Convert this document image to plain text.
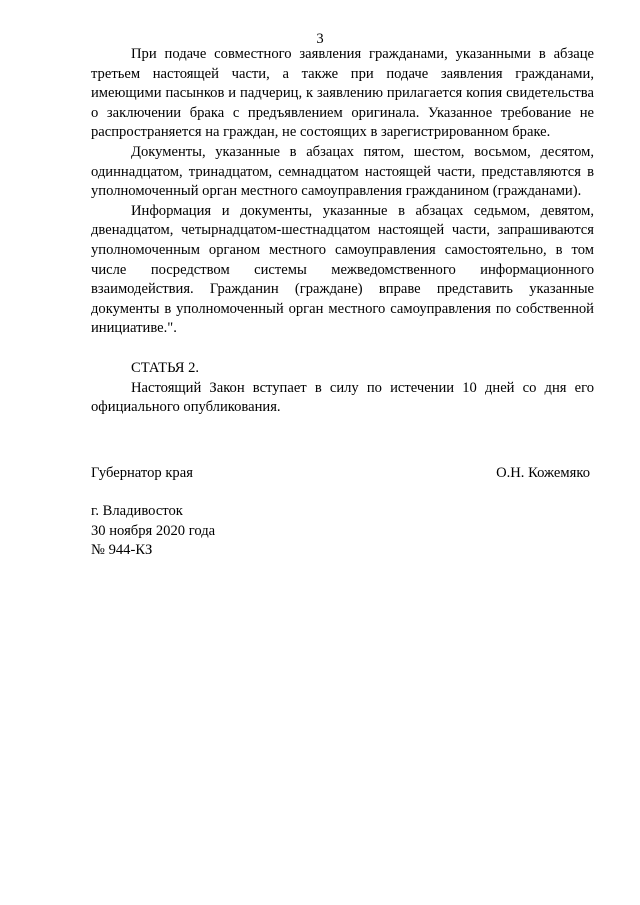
3

При подаче совместного заявления гражданами, указанными в абзаце третьем настоящей части, а также при подаче заявления гражданами, имеющими пасынков и падчериц, к заявлению прилагается копия свидетельства о заключении брака с предъявлением оригинала. Указанное требование не распространяется на граждан, не состоящих в зарегистрированном браке.

Документы, указанные в абзацах пятом, шестом, восьмом, десятом, одиннадцатом, тринадцатом, семнадцатом настоящей части, представляются в уполномоченный орган местного самоуправления гражданином (гражданами).

Информация и документы, указанные в абзацах седьмом, девятом, двенадцатом, четырнадцатом-шестнадцатом настоящей части, запрашиваются уполномоченным органом местного самоуправления самостоятельно, в том числе посредством системы межведомственного информационного взаимодействия. Гражданин (граждане) вправе представить указанные документы в уполномоченный орган местного самоуправления по собственной инициативе.".

СТАТЬЯ 2.

Настоящий Закон вступает в силу по истечении 10 дней со дня его официального опубликования.

Губернатор края	О.Н. Кожемяко
г. Владивосток
30 ноября 2020 года
№ 944-КЗ
